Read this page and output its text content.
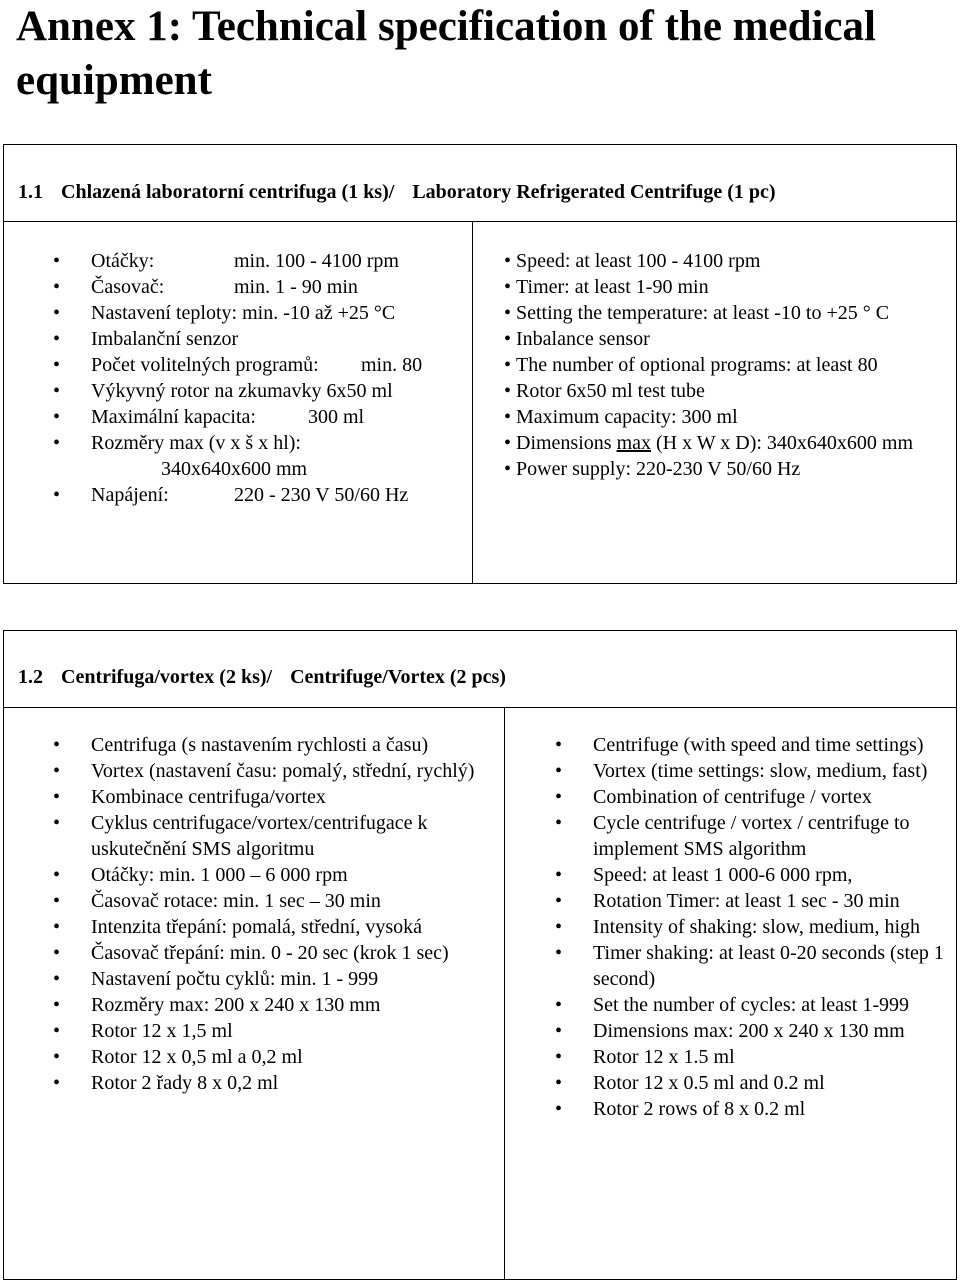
Annex 1: Technical specification of the medical equipment
1.1 Chlazená laboratorní centrifuga (1 ks)/ Laboratory Refrigerated Centrifuge (1 pc)
• Otáčky:	min. 100 - 4100 rpm
• Časovač:	min. 1 - 90 min
• Nastavení teploty: min. -10 až +25 °C
• Imbalanční senzor
• Počet volitelných programů: min. 80
• Výkyvný rotor na zkumavky 6x50 ml
• Maximální kapacita:	300 ml
• Rozměry max (v x š x hl):
340x640x600 mm
• Napájení:	220 - 230 V 50/60 Hz
• Speed: at least 100 - 4100 rpm
• Timer: at least 1-90 min
• Setting the temperature: at least -10 to +25 ° C
• Inbalance sensor
• The number of optional programs: at least 80
• Rotor 6x50 ml test tube
• Maximum capacity: 300 ml
• Dimensions max (H x W x D): 340x640x600 mm
• Power supply: 220-230 V 50/60 Hz
1.2 Centrifuga/vortex (2 ks)/ Centrifuge/Vortex (2 pcs)
• Centrifuga (s nastavením rychlosti a času)
• Vortex (nastavení času: pomalý, střední, rychlý)
• Kombinace centrifuga/vortex
• Cyklus centrifugace/vortex/centrifugace k uskutečnění SMS algoritmu
• Otáčky: min. 1 000 – 6 000 rpm
• Časovač rotace: min. 1 sec – 30 min
• Intenzita třepání: pomalá, střední, vysoká
• Časovač třepání: min. 0 - 20 sec (krok 1 sec)
• Nastavení počtu cyklů: min. 1 - 999
• Rozměry max: 200 x 240 x 130 mm
• Rotor 12 x 1,5 ml
• Rotor 12 x 0,5 ml a 0,2 ml
• Rotor 2 řady 8 x 0,2 ml
• Centrifuge (with speed and time settings)
• Vortex (time settings: slow, medium, fast)
• Combination of centrifuge / vortex
• Cycle centrifuge / vortex / centrifuge to implement SMS algorithm
• Speed: at least 1 000-6 000 rpm,
• Rotation Timer: at least 1 sec - 30 min
• Intensity of shaking: slow, medium, high
• Timer shaking: at least 0-20 seconds (step 1 second)
• Set the number of cycles: at least 1-999
• Dimensions max: 200 x 240 x 130 mm
• Rotor 12 x 1.5 ml
• Rotor 12 x 0.5 ml and 0.2 ml
• Rotor 2 rows of 8 x 0.2 ml
